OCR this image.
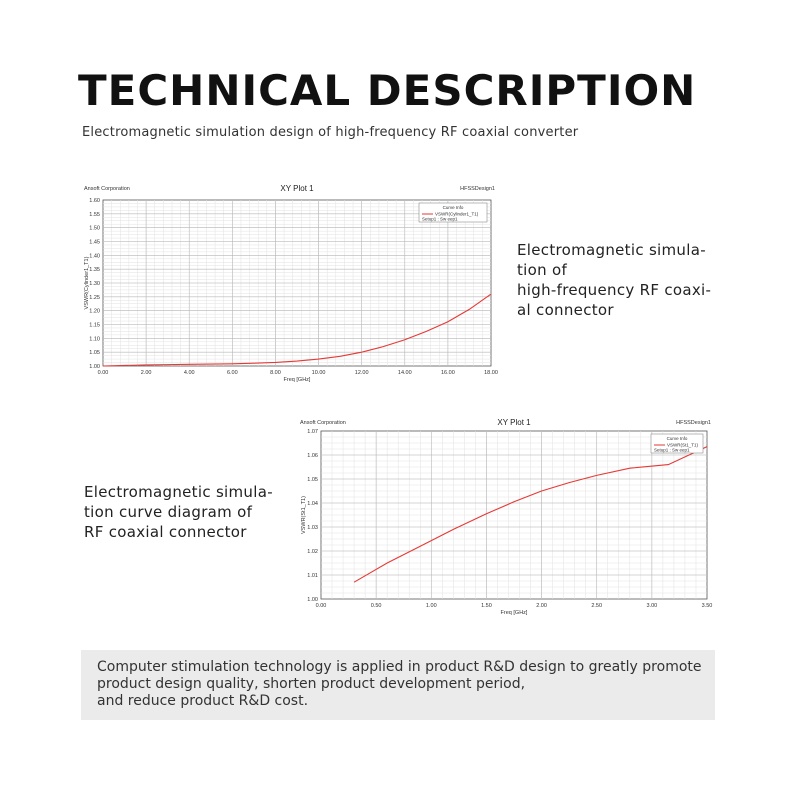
TECHNICAL DESCRIPTION
Electromagnetic simulation design of high-frequency RF coaxial converter
Ansoft Corporation	XY Plot 1	HFSSDesign1
0.00	2.00	4.00	6.00	8.00	10.00	12.00	14.00	16.00	18.00
1.00
1.05
1.10
1.15
1.20
1.25
1.30
1.35
1.40
1.45
1.50
1.55
1.60
Freq [GHz]
VSWR(Cylinder1_T1)
Curve Info
VSWR(Cylinder1_T1)
Setup1 : Sw eep1
Electromagnetic simula-
tion of
high-frequency RF coaxi-
al connector
Electromagnetic simula-
tion curve diagram of
RF coaxial connector
Ansoft Corporation	XY Plot 1	HFSSDesign1
0.00	0.50	1.00	1.50	2.00	2.50	3.00	3.50
1.00
1.01
1.02
1.03
1.04
1.05
1.06
1.07
Freq [GHz]
VSWR(St1_T1)
Curve Info
VSWR(St1_T1)
Setup1 : Sw eep1
Computer stimulation technology is applied in product R&D design to greatly promote
product design quality, shorten product development period,
and reduce product R&D cost.
